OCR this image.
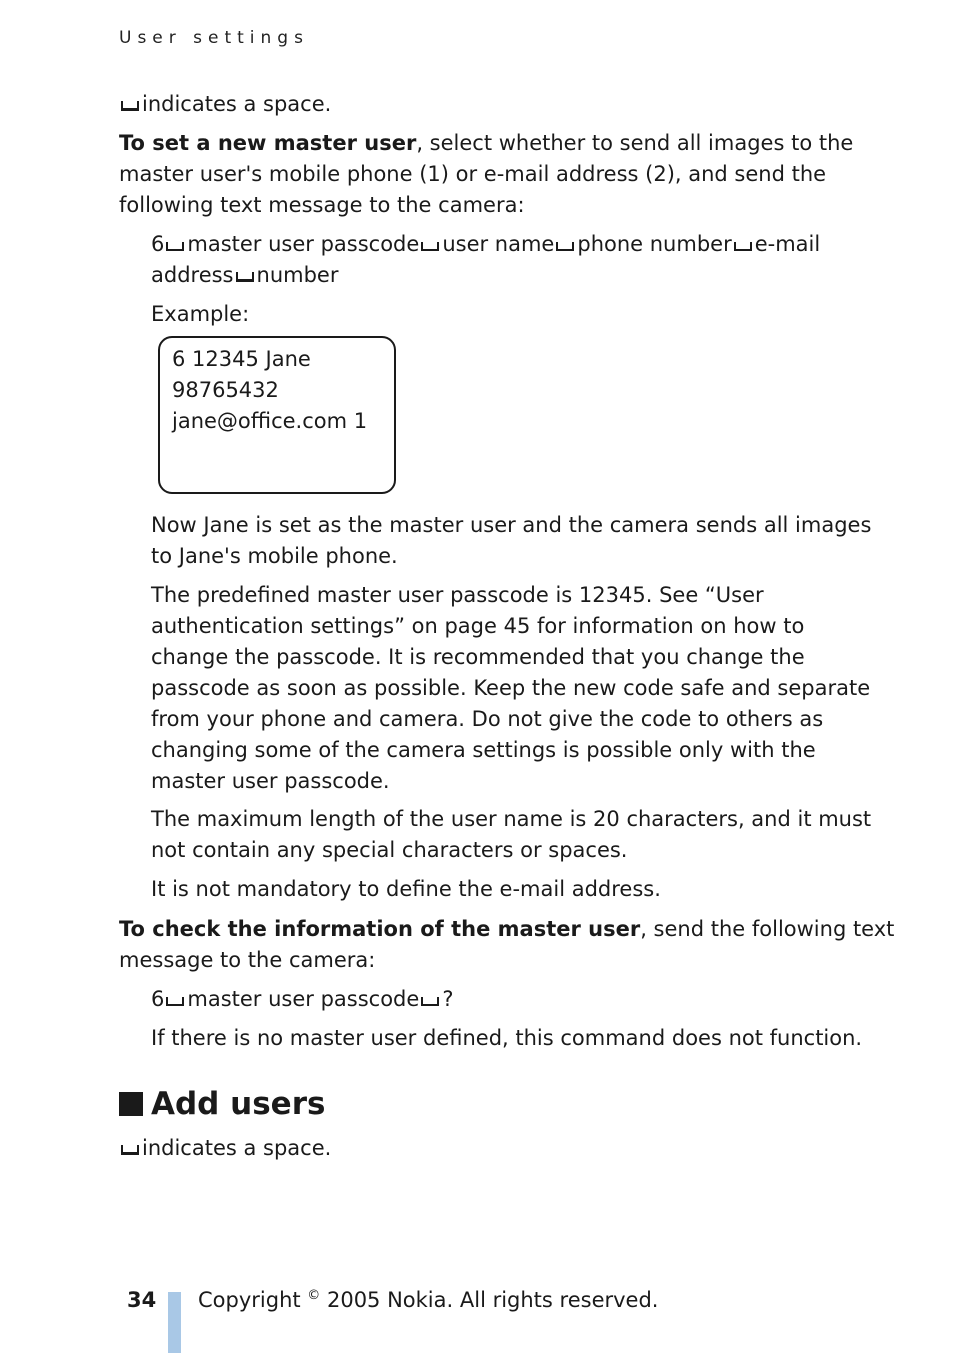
User settings

indicates a space.

To set a new master user, select whether to send all images to the

master user's mobile phone (1) or e-mail address (2), and send the

following text message to the camera:

6 master user passcode user name phone number e-mail

address number

Example:

6 12345 Jane

98765432

jane@office.com 1

Now Jane is set as the master user and the camera sends all images

to Jane's mobile phone.

The predefined master user passcode is 12345. See “User

authentication settings” on page 45 for information on how to

change the passcode. It is recommended that you change the

passcode as soon as possible. Keep the new code safe and separate

from your phone and camera. Do not give the code to others as

changing some of the camera settings is possible only with the

master user passcode.

The maximum length of the user name is 20 characters, and it must

not contain any special characters or spaces.

It is not mandatory to define the e-mail address.

To check the information of the master user, send the following text

message to the camera:

6 master user passcode ?

If there is no master user defined, this command does not function.

Add users

indicates a space.

34 Copyright © 2005 Nokia. All rights reserved.
